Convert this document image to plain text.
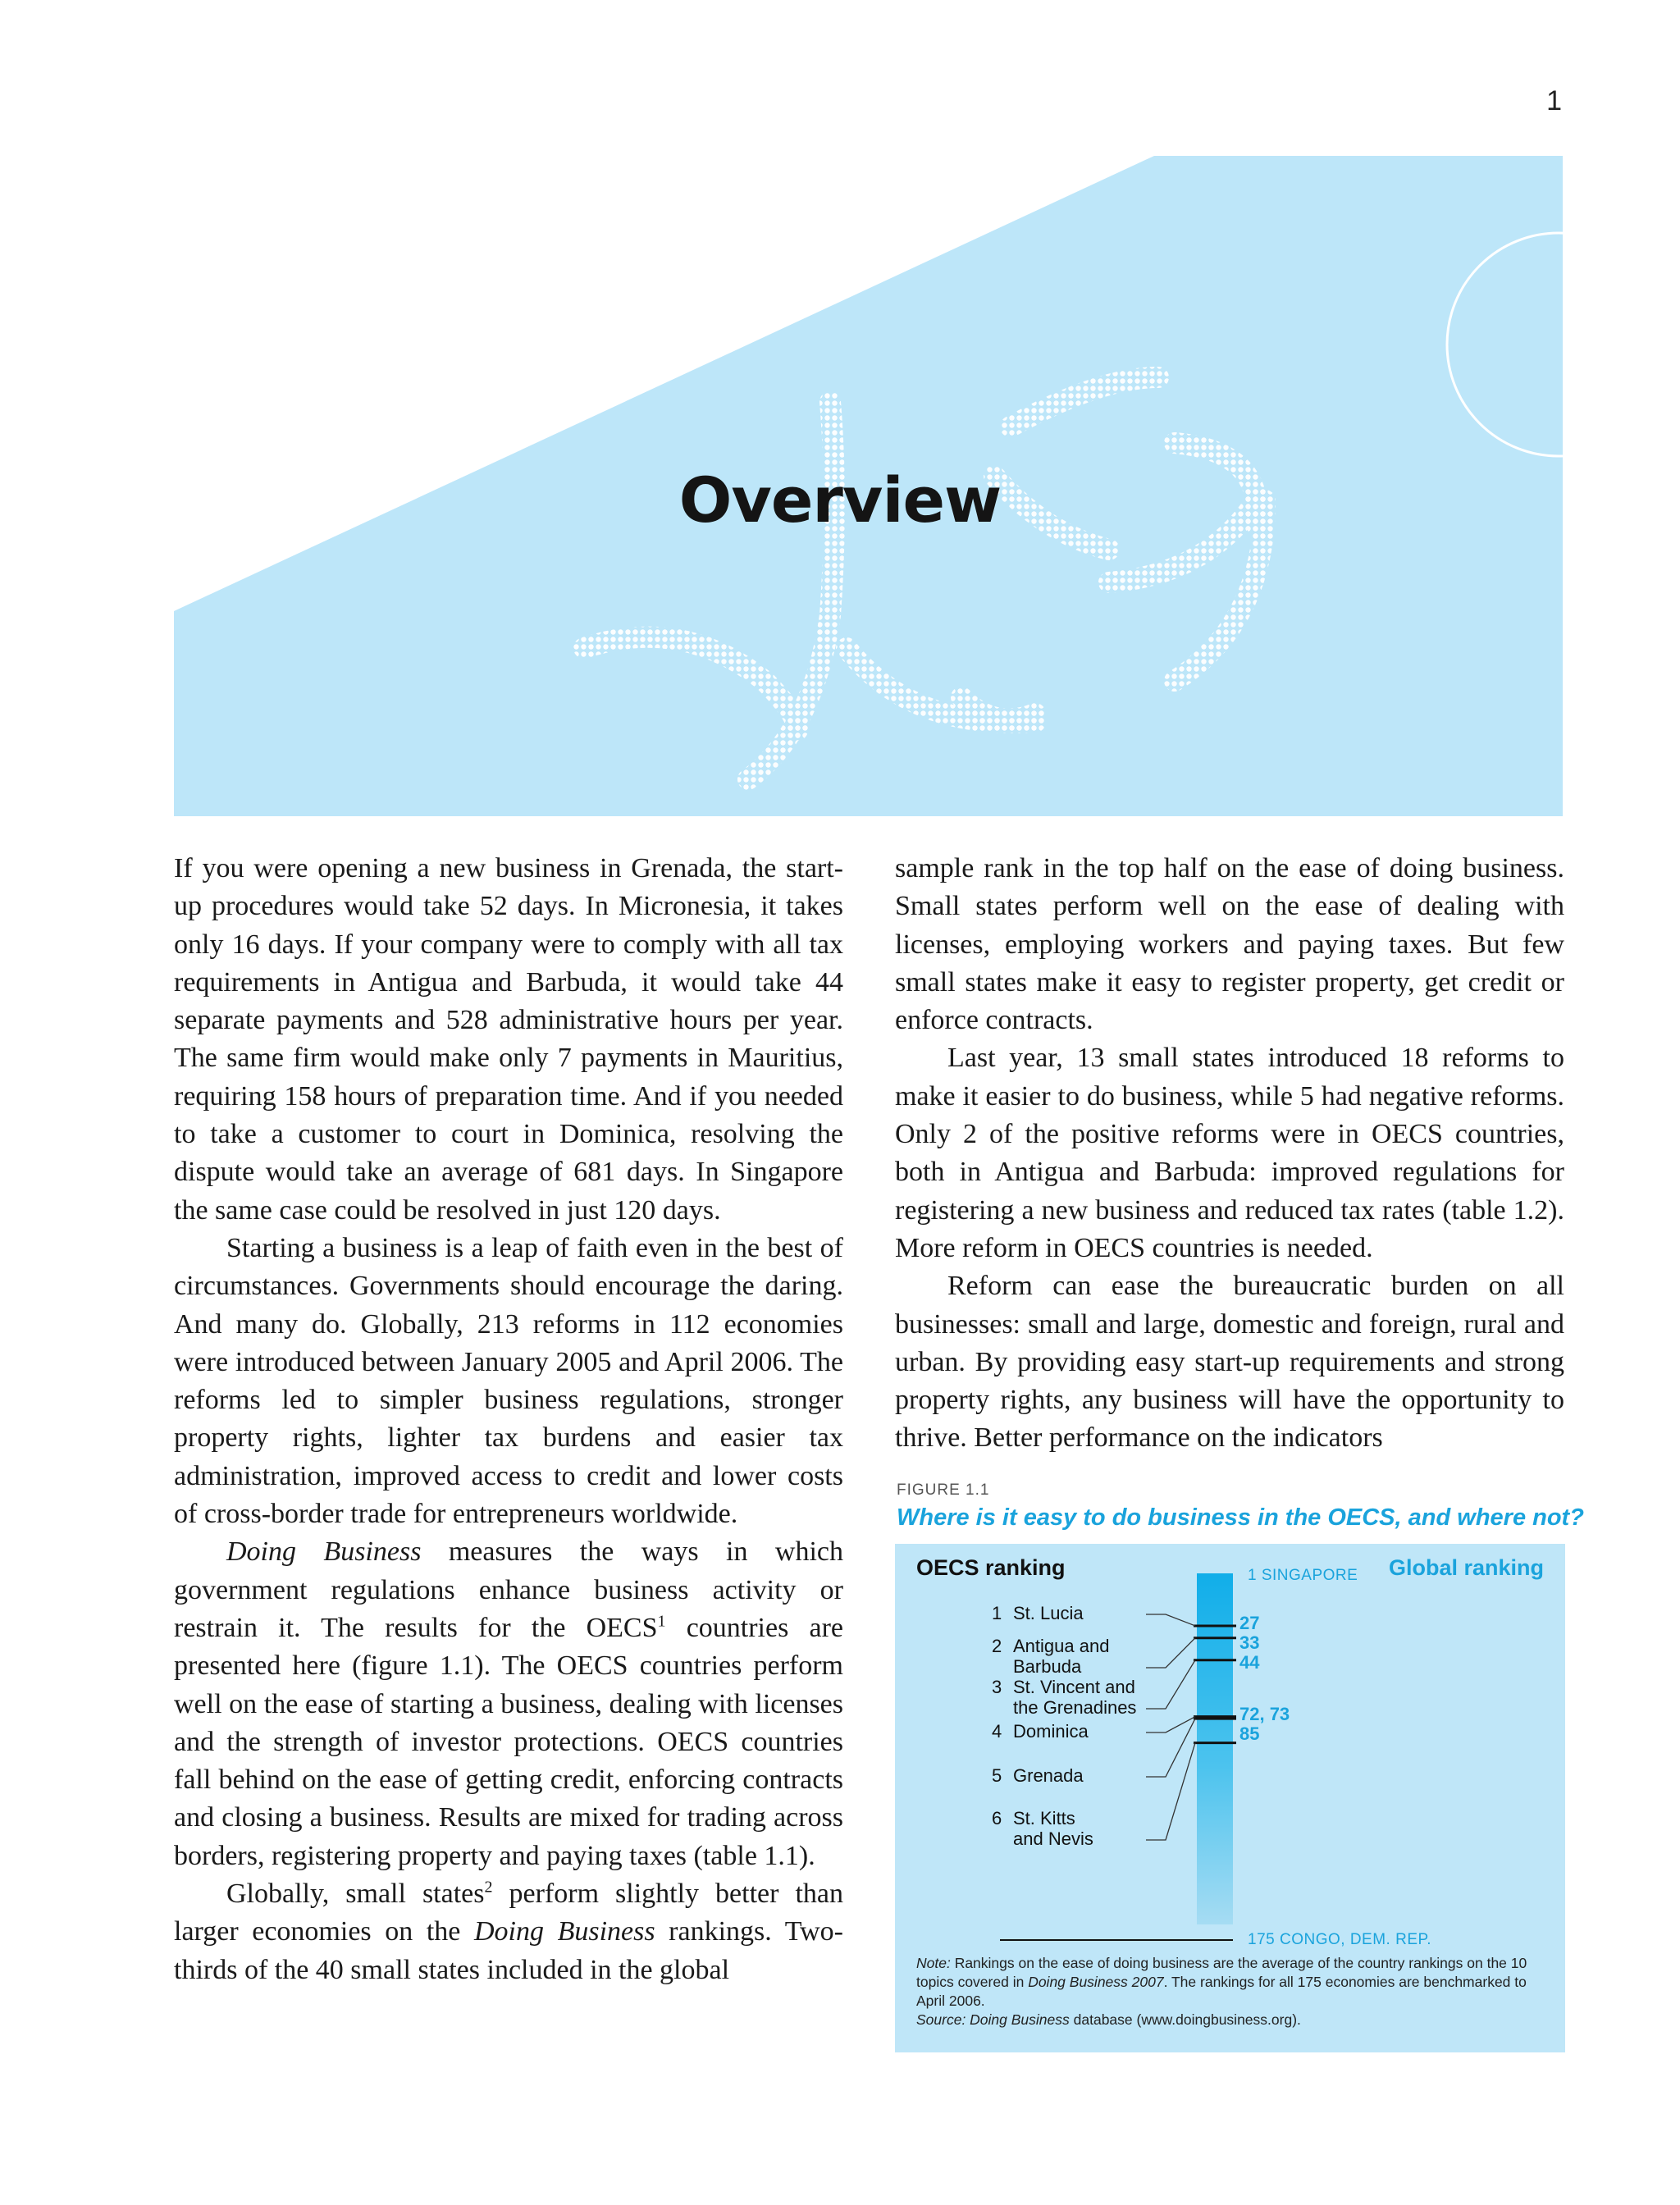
1
Overview

If you were opening a new business in Grenada, the start-up procedures would take 52 days. In Micronesia, it takes only 16 days. If your company were to comply with all tax requirements in Antigua and Barbuda, it would take 44 separate payments and 528 administrative hours per year. The same firm would make only 7 payments in Mauritius, requiring 158 hours of preparation time. And if you needed to take a customer to court in Dominica, resolving the dispute would take an average of 681 days. In Singapore the same case could be resolved in just 120 days.

Starting a business is a leap of faith even in the best of circumstances. Governments should encourage the daring. And many do. Globally, 213 reforms in 112 economies were introduced between January 2005 and April 2006. The reforms led to simpler business regulations, stronger property rights, lighter tax burdens and easier tax administration, improved access to credit and lower costs of cross-border trade for entrepreneurs worldwide.

Doing Business measures the ways in which government regulations enhance business activity or restrain it. The results for the OECS$^1$ countries are presented here (figure 1.1). The OECS countries perform well on the ease of starting a business, dealing with licenses and the strength of investor protections. OECS countries fall behind on the ease of getting credit, enforcing contracts and closing a business. Results are mixed for trading across borders, registering property and paying taxes (table 1.1).

Globally, small states$^2$ perform slightly better than larger economies on the Doing Business rankings. Two-thirds of the 40 small states included in the global

sample rank in the top half on the ease of doing business. Small states perform well on the ease of dealing with licenses, employing workers and paying taxes. But few small states make it easy to register property, get credit or enforce contracts.

Last year, 13 small states introduced 18 reforms to make it easier to do business, while 5 had negative reforms. Only 2 of the positive reforms were in OECS countries, both in Antigua and Barbuda: improved regulations for registering a new business and reduced tax rates (table 1.2). More reform in OECS countries is needed.

Reform can ease the bureaucratic burden on all businesses: small and large, domestic and foreign, rural and urban. By providing easy start-up requirements and strong property rights, any business will have the opportunity to thrive. Better performance on the indicators

FIGURE 1.1
Where is it easy to do business in the OECS, and where not?
OECS ranking	Global ranking
1 SINGAPORE
175 CONGO, DEM. REP.
1 St. Lucia
2 Antigua and
Barbuda
3 St. Vincent and
the Grenadines
4 Dominica
5 Grenada
6 St. Kitts
and Nevis
27
33
44
72, 73
85

Note: Rankings on the ease of doing business are the average of the country rankings on the 10 topics covered in Doing Business 2007. The rankings for all 175 economies are benchmarked to April 2006.

Source: Doing Business database (www.doingbusiness.org).
